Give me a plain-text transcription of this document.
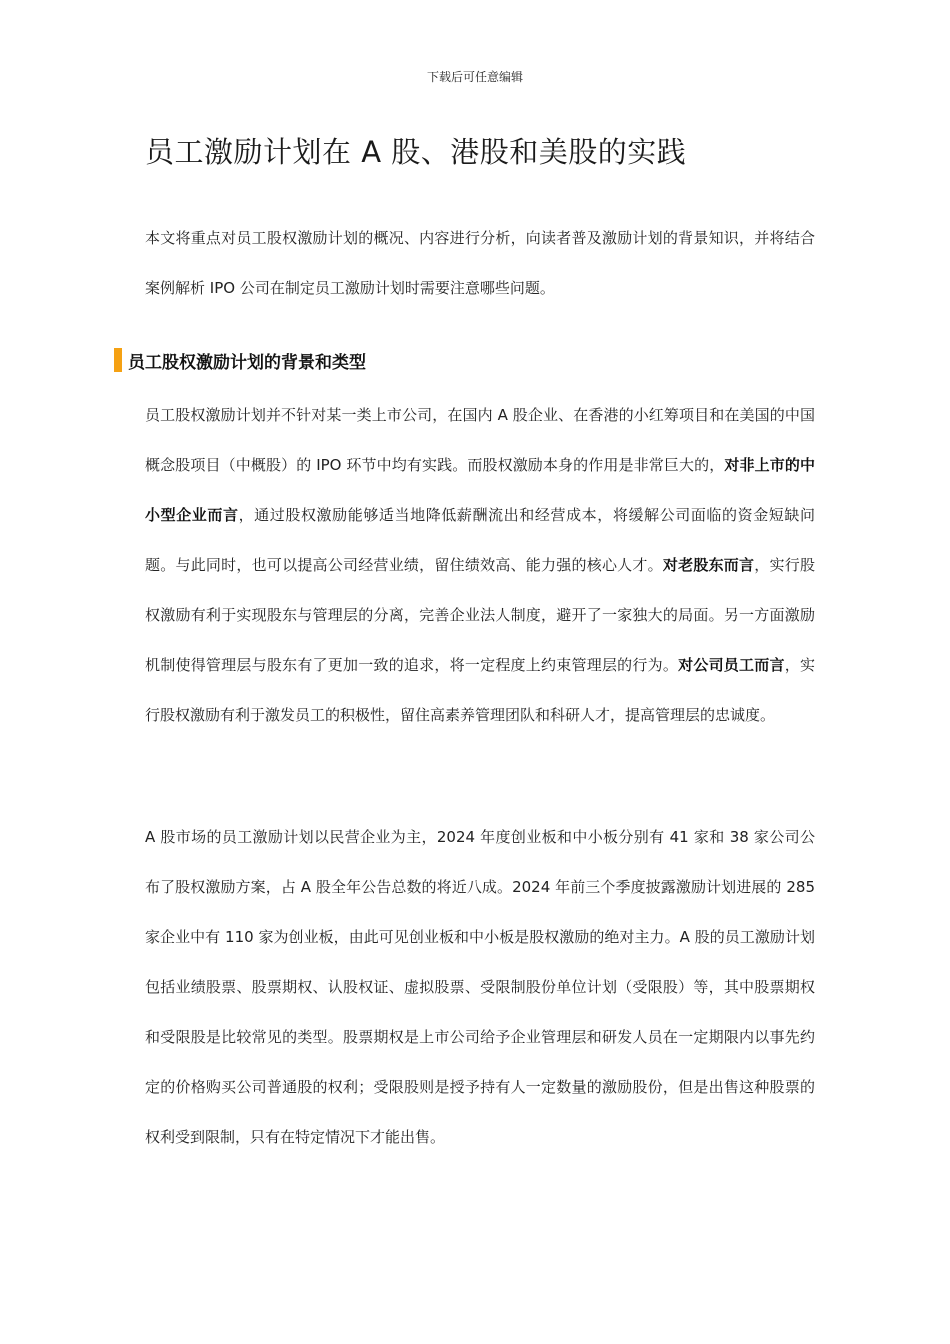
下载后可任意编辑
员工激励计划在 A 股、港股和美股的实践

本文将重点对员工股权激励计划的概况、内容进行分析，向读者普及激励计划的背景知识，并将结合案例解析 IPO 公司在制定员工激励计划时需要注意哪些问题。

员工股权激励计划的背景和类型

员工股权激励计划并不针对某一类上市公司，在国内 A 股企业、在香港的小红筹项目和在美国的中国概念股项目（中概股）的 IPO 环节中均有实践。而股权激励本身的作用是非常巨大的，对非上市的中小型企业而言，通过股权激励能够适当地降低薪酬流出和经营成本，将缓解公司面临的资金短缺问题。与此同时，也可以提高公司经营业绩，留住绩效高、能力强的核心人才。对老股东而言，实行股权激励有利于实现股东与管理层的分离，完善企业法人制度，避开了一家独大的局面。另一方面激励机制使得管理层与股东有了更加一致的追求，将一定程度上约束管理层的行为。对公司员工而言，实行股权激励有利于激发员工的积极性，留住高素养管理团队和科研人才，提高管理层的忠诚度。

A 股市场的员工激励计划以民营企业为主，2024 年度创业板和中小板分别有 41 家和 38 家公司公布了股权激励方案，占 A 股全年公告总数的将近八成。2024 年前三个季度披露激励计划进展的 285 家企业中有 110 家为创业板，由此可见创业板和中小板是股权激励的绝对主力。A 股的员工激励计划包括业绩股票、股票期权、认股权证、虚拟股票、受限制股份单位计划（受限股）等，其中股票期权和受限股是比较常见的类型。股票期权是上市公司给予企业管理层和研发人员在一定期限内以事先约定的价格购买公司普通股的权利；受限股则是授予持有人一定数量的激励股份，但是出售这种股票的权利受到限制，只有在特定情况下才能出售。
